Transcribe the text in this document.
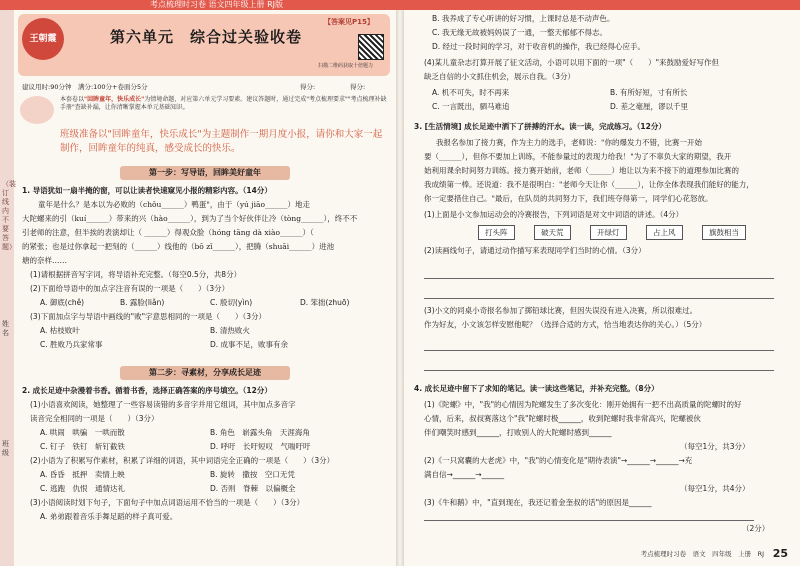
考点梳理时习卷 语文四年级上册 RJ版
（装订线内不要答题）
姓名
班级
王朝霞	第六单元　综合过关验收卷
【答案见P15】
扫描二维码获取十倍题力
建议用时:90分钟　满分:100分+卷面分5分	得分:	得分:
本套卷以"回眸童年，快乐成长"为情境命题，对应第六单元学习要素。建议答题时，通过完成"考点梳理要求""考点梳理补缺手册"查缺补漏，让你清晰掌握本单元基础知识。
班级准备以"回眸童年，快乐成长"为主题制作一期月度小报，请你和大家一起制作，回眸童年的纯真，感受成长的快乐。
第一步：写导语，回眸美好童年
1. 导语犹如一扇半掩的窗，可以让读者快速窥见小报的精彩内容。（14分）
童年是什么？是本以为必败的（chǒu______）鸭蛋"，由于（yú jiāo______）地走
大陀螺来的引（kuí______）带来的兴（hào______），到为了当个好伙伴让冷（tòng______），终不不
引老师的注意，但半挨的表演却让（ ______）得观众脸（hóng tāng dà xiào______）（
的紧张；也是过你拿起一把刻的（______）线他的（bō zǐ______），把腾（shuāi______）进池
塘的奈样……
(1)请根据拼音写字词，将导语补充完整。（每空0.5分，共8分）
(2)下面给导语中的加点字注音有误的一项是（　　）（3分）
A. 御底(chě)	B. 露脸(liǎn)	C. 殷切(yìn)	D. 笨拙(zhuō)
(3)下面加点字与导语中画线的"败"字意思相同的一项是（　　）（3分）
A. 枯枝败叶	B. 清热败火
C. 胜败乃兵家常事	D. 成事不足，败事有余
第二步：寻素材，分享成长足迹
2. 成长足迹中杂漫着书香。循着书香，选择正确答案的序号填空。（12分）
(1)小语喜欢阅读，她整理了一些容易读错的多音字并用它组词，其中加点多音字
读音完全相同的一项是（　　）（3分）
A. 哄闹　哄骗　一哄而散	B. 角色　崭露头角　天涯海角
C. 钉子　铁钉　斩钉截铁	D. 呼吁　长吁短叹　气喘吁吁
(2)小语为了积累写作素材，积累了详细的词语，其中词语完全正确的一项是（　　）（3分）
A. 昏昏　抵押　卖情上映	B. 旋转　撒按　空口无凭
C. 逃跑　仇恨　通情达礼	D. 否则　脊棘　以偏概全
(3)小语阅读时划下句子，下面句子中加点词语运用不恰当的一项是（　　）（3分）
A. 弟弟跟着音乐手舞足蹈的样子真可爱。
B. 我养成了专心听讲的好习惯，上课时总是不动声色。
C. 我无缘无故被妈妈误了一通，一整天郁郁不得志。
D. 经过一段时间的学习，对于收音机的操作，我已经得心应手。
(4)某儿童杂志打算开展了征文活动，小语可以用下面的一项"（　　）"来鼓励爱好写作但
缺乏自信的小文抓住机会，展示自我。（3分）
A. 机不可失，时不再来	B. 有所好短，寸有所长
C. 一言既出，驷马难追	D. 差之毫厘，谬以千里
3. [生活情境] 成长足迹中洒下了拼搏的汗水。读一读，完成练习。（12分）
我报名参加了接力赛，作为主力的选手，老师说："你的爆发力不错，比赛一开始
要（______），但你不要加上训练，不能参量过的表现力给我！"为了不辜负大家的期望，我开
始利用课余时间努力训练。接力赛开始前，老师（______）地让以为来不接下的道理参加比赛的
我成绩第一棒。还说道：我不是很明白："老师今天让你（______），让你全体表现我们能好的能力，
你一定要措住自己。"最后，在队员的共同努力下，我们班夺得第一，同学们心花怒放。
(1)上面是小文参加运动会的冷赛报告，下列词语是对文中词语的讲述。（4分）
打头阵	破天荒	开绿灯	占上风	旗鼓相当
(2)读画线句子，请通过动作描写来表现同学们当时的心情。（3分）
(3)小文的同桌小奇报名参加了掷铅球比赛，但因失误没有进入决赛，所以很难过。
作为好友，小文该怎样安慰他呢？（选择合适的方式，恰当地表达你的关心。）（5分）
4. 成长足迹中留下了求知的笔记。读一读这些笔记，并补充完整。（8分）
(1)《陀螺》中，"我"的心情因为陀螺发生了多次变化：刚开始拥有一把不出高质量的陀螺时的好
心情，后来，叔叔赛落这个"我"陀螺时极______，收到陀螺时我非常高兴，陀螺被伙
伴们嘲笑时感到______，打败别人的大陀螺时感到______
（每空1分，共3分）
(2)《一只窝囊的大老虎》中，"我"的心情变化是"期待表演"→______→______→充
满自信→______→______
（每空1分，共4分）
(3)《牛和鹅》中，"直到现在，我还记着金奎叔的话"的原因是______
（2分）
考点梳理时习卷　语文　四年级　上册　RJ 25
